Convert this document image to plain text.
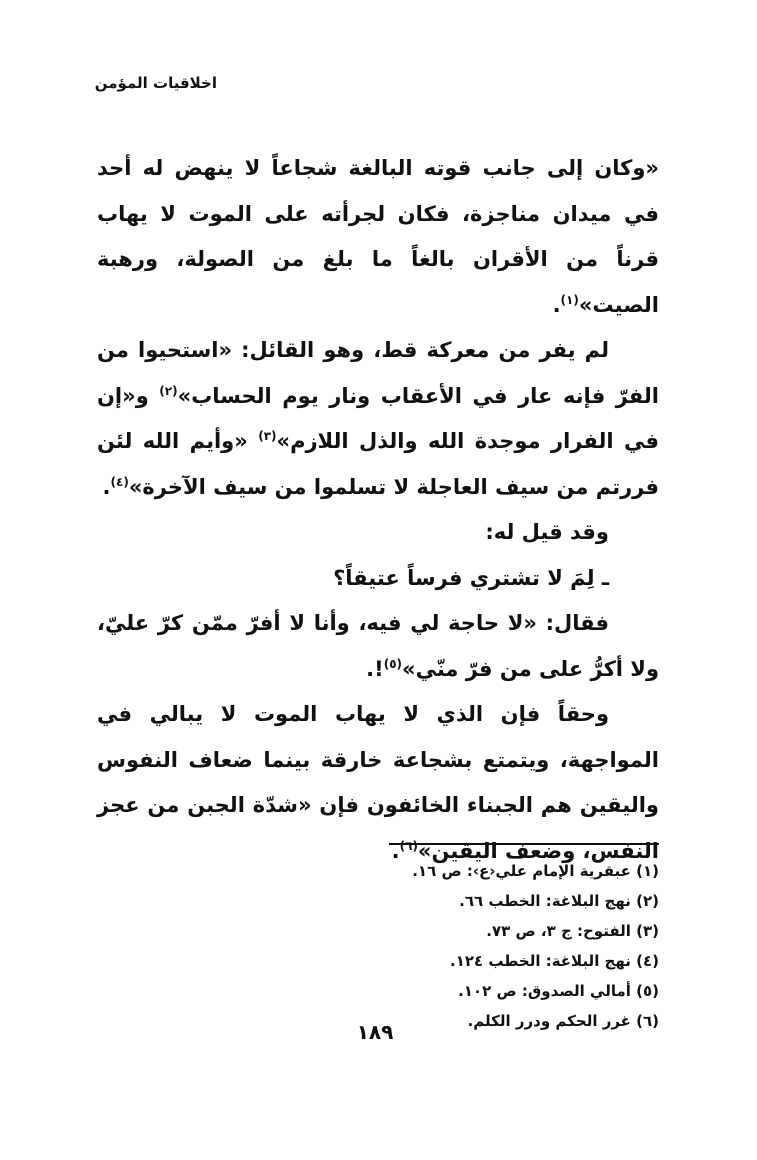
اخلاقيات المؤمن

«وكان إلى جانب قوته البالغة شجاعاً لا ينهض له أحد في ميدان مناجزة، فكان لجرأته على الموت لا يهاب قرناً من الأقران بالغاً ما بلغ من الصولة، ورهبة الصيت»$^{(١)}$.

لم يفر من معركة قط، وهو القائل: «استحيوا من الفرّ فإنه عار في الأعقاب ونار يوم الحساب»$^{(٢)}$ و«إن في الفرار موجدة الله والذل اللازم»$^{(٣)}$ «وأيم الله لئن فررتم من سيف العاجلة لا تسلموا من سيف الآخرة»$^{(٤)}$.

وقد قيل له:

ـ لِمَ لا تشتري فرساً عتيقاً؟

فقال: «لا حاجة لي فيه، وأنا لا أفرّ ممّن كرّ عليّ، ولا أكرُّ على من فرّ منّي»$^{(٥)}$!.

وحقاً فإن الذي لا يهاب الموت لا يبالي في المواجهة، ويتمتع بشجاعة خارقة بينما ضعاف النفوس واليقين هم الجبناء الخائفون فإن «شدّة الجبن من عجز النفس، وضعف اليقين»$^{(٦)}$.

(١) عبقرية الإمام علي‹ع›: ص ١٦.
(٢) نهج البلاغة: الخطب ٦٦.
(٣) الفتوح: ج ٣، ص ٧٣.
(٤) نهج البلاغة: الخطب ١٢٤.
(٥) أمالي الصدوق: ص ١٠٢.
(٦) غرر الحكم ودرر الكلم.
١٨٩
